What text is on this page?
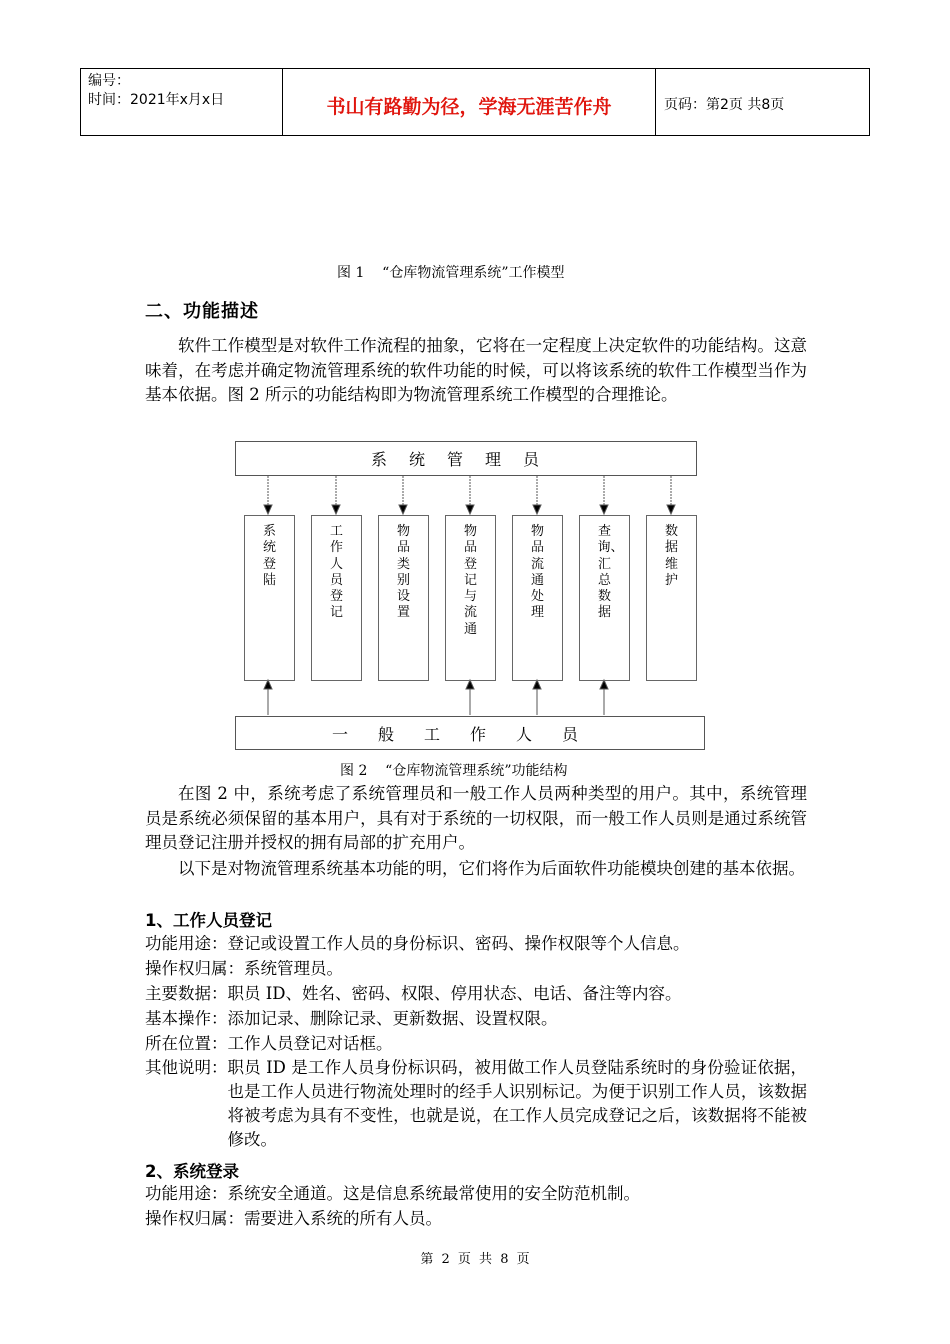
编号：
时间：2021年x月x日	书山有路勤为径，学海无涯苦作舟	页码：第2页 共8页
图 1    “仓库物流管理系统”工作模型
二、功能描述

软件工作模型是对软件工作流程的抽象，它将在一定程度上决定软件的功能结构。这意味着，在考虑并确定物流管理系统的软件功能的时候，可以将该系统的软件工作模型当作为基本依据。图 2 所示的功能结构即为物流管理系统工作模型的合理推论。

系统管理员
系统登陆
工作人员登记
物品类别设置
物品登记与流通
物品流通处理
查询、汇总数据
数据维护
一般工作人员
图 2    “仓库物流管理系统”功能结构

在图 2 中，系统考虑了系统管理员和一般工作人员两种类型的用户。其中，系统管理员是系统必须保留的基本用户，具有对于系统的一切权限，而一般工作人员则是通过系统管理员登记注册并授权的拥有局部的扩充用户。

以下是对物流管理系统基本功能的明，它们将作为后面软件功能模块创建的基本依据。

1、工作人员登记
功能用途： 登记或设置工作人员的身份标识、密码、操作权限等个人信息。
操作权归属： 系统管理员。
主要数据： 职员 ID、姓名、密码、权限、停用状态、电话、备注等内容。
基本操作： 添加记录、删除记录、更新数据、设置权限。
所在位置： 工作人员登记对话框。
其他说明： 职员 ID 是工作人员身份标识码，被用做工作人员登陆系统时的身份验证依据，也是工作人员进行物流处理时的经手人识别标记。为便于识别工作人员，该数据将被考虑为具有不变性，也就是说，在工作人员完成登记之后，该数据将不能被修改。
2、系统登录
功能用途： 系统安全通道。这是信息系统最常使用的安全防范机制。
操作权归属： 需要进入系统的所有人员。
第 2 页 共 8 页
